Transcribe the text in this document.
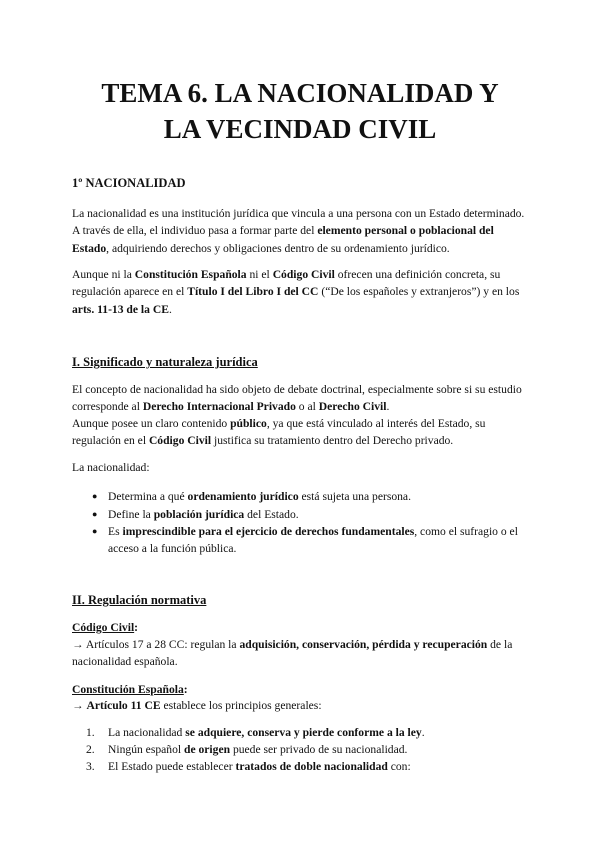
TEMA 6. LA NACIONALIDAD Y
LA VECINDAD CIVIL
1º NACIONALIDAD

La nacionalidad es una institución jurídica que vincula a una persona con un Estado determinado. A través de ella, el individuo pasa a formar parte del elemento personal o poblacional del Estado, adquiriendo derechos y obligaciones dentro de su ordenamiento jurídico.

Aunque ni la Constitución Española ni el Código Civil ofrecen una definición concreta, su regulación aparece en el Título I del Libro I del CC (“De los españoles y extranjeros”) y en los arts. 11-13 de la CE.

I. Significado y naturaleza jurídica

El concepto de nacionalidad ha sido objeto de debate doctrinal, especialmente sobre si su estudio corresponde al Derecho Internacional Privado o al Derecho Civil.

Aunque posee un claro contenido público, ya que está vinculado al interés del Estado, su regulación en el Código Civil justifica su tratamiento dentro del Derecho privado.

La nacionalidad:

● Determina a qué ordenamiento jurídico está sujeta una persona.
● Define la población jurídica del Estado.
● Es imprescindible para el ejercicio de derechos fundamentales, como el sufragio o el acceso a la función pública.
II. Regulación normativa

Código Civil:

→ Artículos 17 a 28 CC: regulan la adquisición, conservación, pérdida y recuperación de la nacionalidad española.

Constitución Española:

→ Artículo 11 CE establece los principios generales:

1. La nacionalidad se adquiere, conserva y pierde conforme a la ley.
2. Ningún español de origen puede ser privado de su nacionalidad.
3. El Estado puede establecer tratados de doble nacionalidad con:
